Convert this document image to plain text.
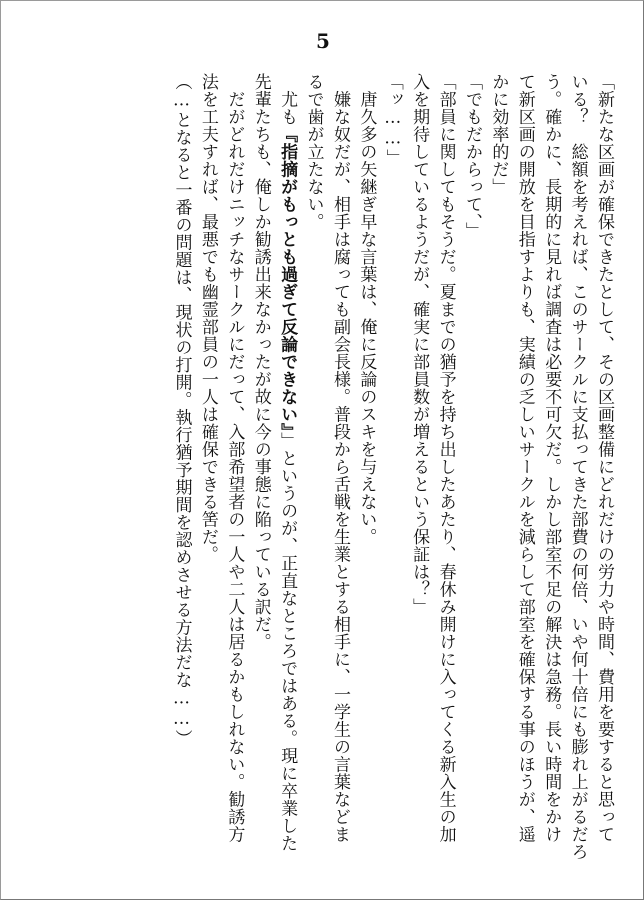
5

「新たな区画が確保できたとして、その区画整備にどれだけの労力や時間、費用を要すると思って

いる？　総額を考えれば、このサークルに支払ってきた部費の何倍、いや何十倍にも膨れ上がるだろ

う。確かに、長期的に見れば調査は必要不可欠だ。しかし部室不足の解決は急務。長い時間をかけ

て新区画の開放を目指すよりも、実績の乏しいサークルを減らして部室を確保する事のほうが、遥

かに効率的だ」

「でもだからって、」

「部員に関してもそうだ。夏までの猶予を持ち出したあたり、春休み開けに入ってくる新入生の加

入を期待しているようだが、確実に部員数が増えるという保証は？」

「ッ……」

　唐久多の矢継ぎ早な言葉は、俺に反論のスキを与えない。

　嫌な奴だが、相手は腐っても副会長様。普段から舌戦を生業とする相手に、一学生の言葉などま

るで歯が立たない。

　尤も『指摘がもっとも過ぎて反論できない』」というのが、正直なところではある。現に卒業した

先輩たちも、俺しか勧誘出来なかったが故に今の事態に陥っている訳だ。

　だがどれだけニッチなサークルにだって、入部希望者の一人や二人は居るかもしれない。勧誘方

法を工夫すれば、最悪でも幽霊部員の一人は確保できる筈だ。

（…となると一番の問題は、現状の打開。執行猶予期間を認めさせる方法だな……）
